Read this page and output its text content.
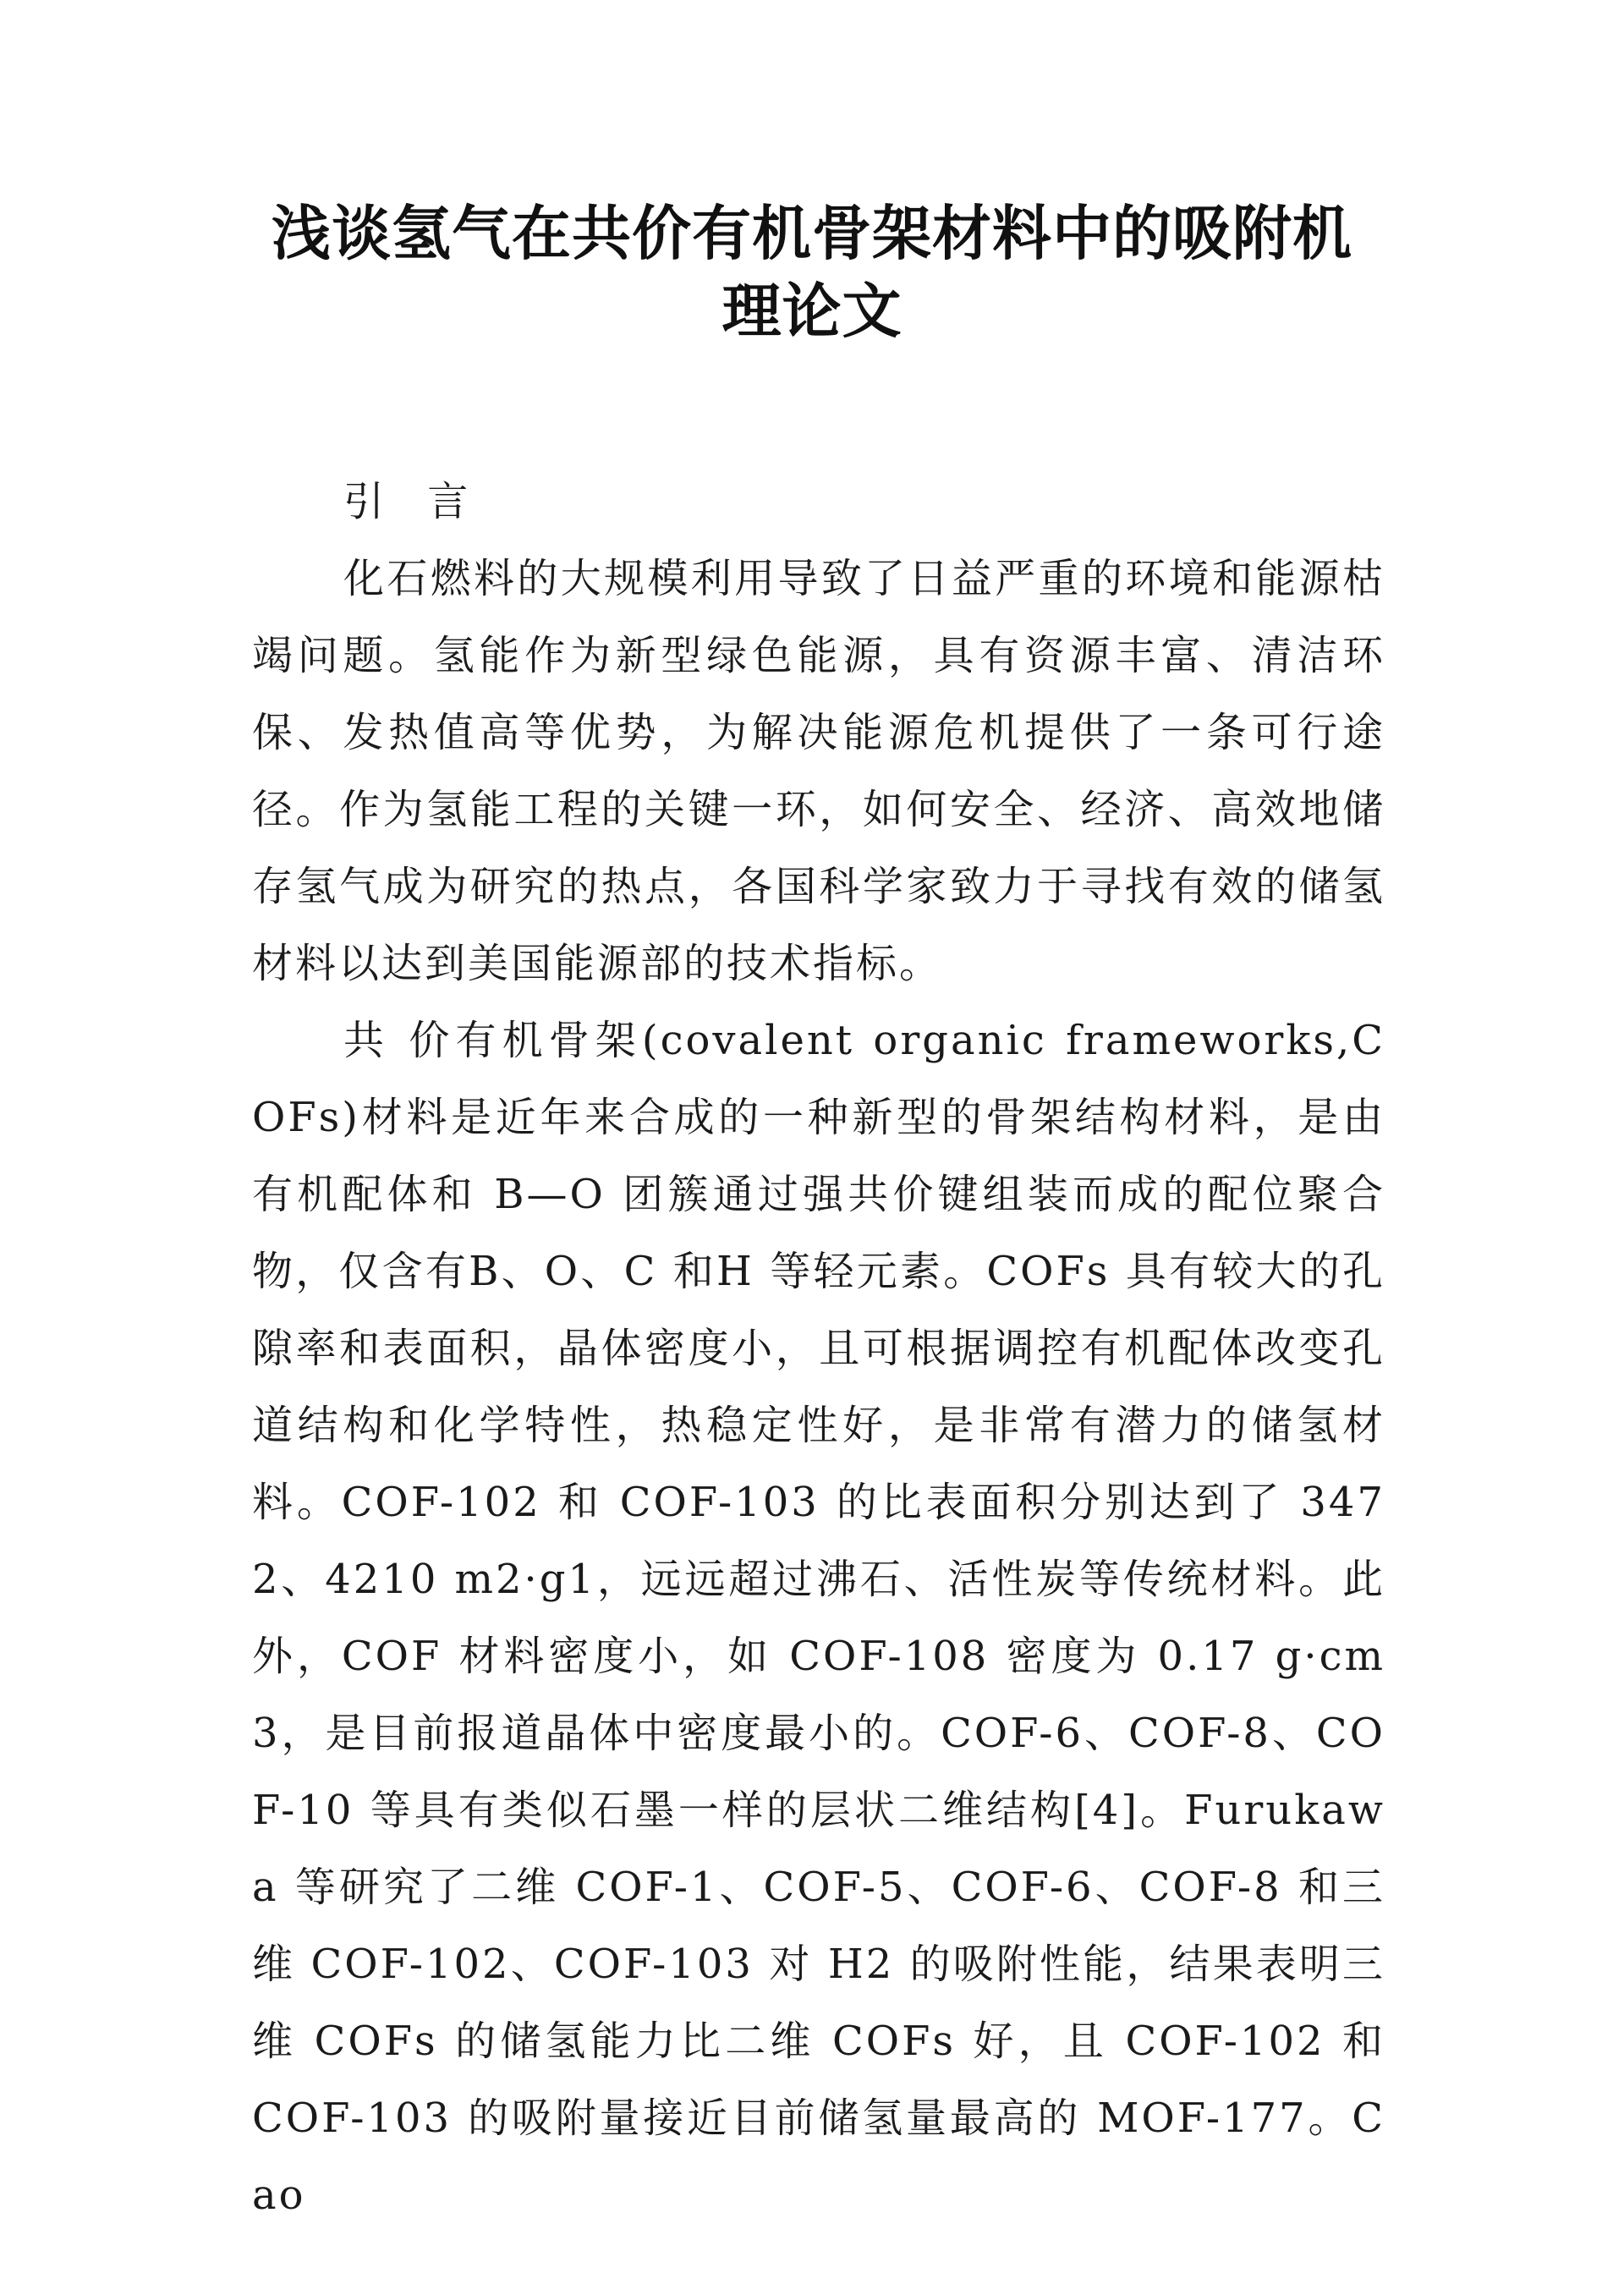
浅谈氢气在共价有机骨架材料中的吸附机
理论文

引 言

化石燃料的大规模利用导致了日益严重的环境和能源枯竭问题。氢能作为新型绿色能源，具有资源丰富、清洁环保、发热值高等优势，为解决能源危机提供了一条可行途径。作为氢能工程的关键一环，如何安全、经济、高效地储存氢气成为研究的热点，各国科学家致力于寻找有效的储氢材料以达到美国能源部的技术指标。

共 价有机骨架(covalent organic frameworks,COFs)材料是近年来合成的一种新型的骨架结构材料，是由有机配体和 B—O 团簇通过强共价键组装而成的配位聚合物，仅含有B、O、C 和H 等轻元素。COFs 具有较大的孔隙率和表面积，晶体密度小，且可根据调控有机配体改变孔道结构和化学特性，热稳定性好，是非常有潜力的储氢材料。COF-102 和 COF-103 的比表面积分别达到了 3472、4210 m2·g1，远远超过沸石、活性炭等传统材料。此外，COF 材料密度小，如 COF-108 密度为 0.17 g·cm3，是目前报道晶体中密度最小的。COF-6、COF-8、COF-10 等具有类似石墨一样的层状二维结构[4]。Furukawa 等研究了二维 COF-1、COF-5、COF-6、COF-8 和三维 COF-102、COF-103 对 H2 的吸附性能，结果表明三维 COFs 的储氢能力比二维 COFs 好，且 COF-102 和 COF-103 的吸附量接近目前储氢量最高的 MOF-177。Cao
